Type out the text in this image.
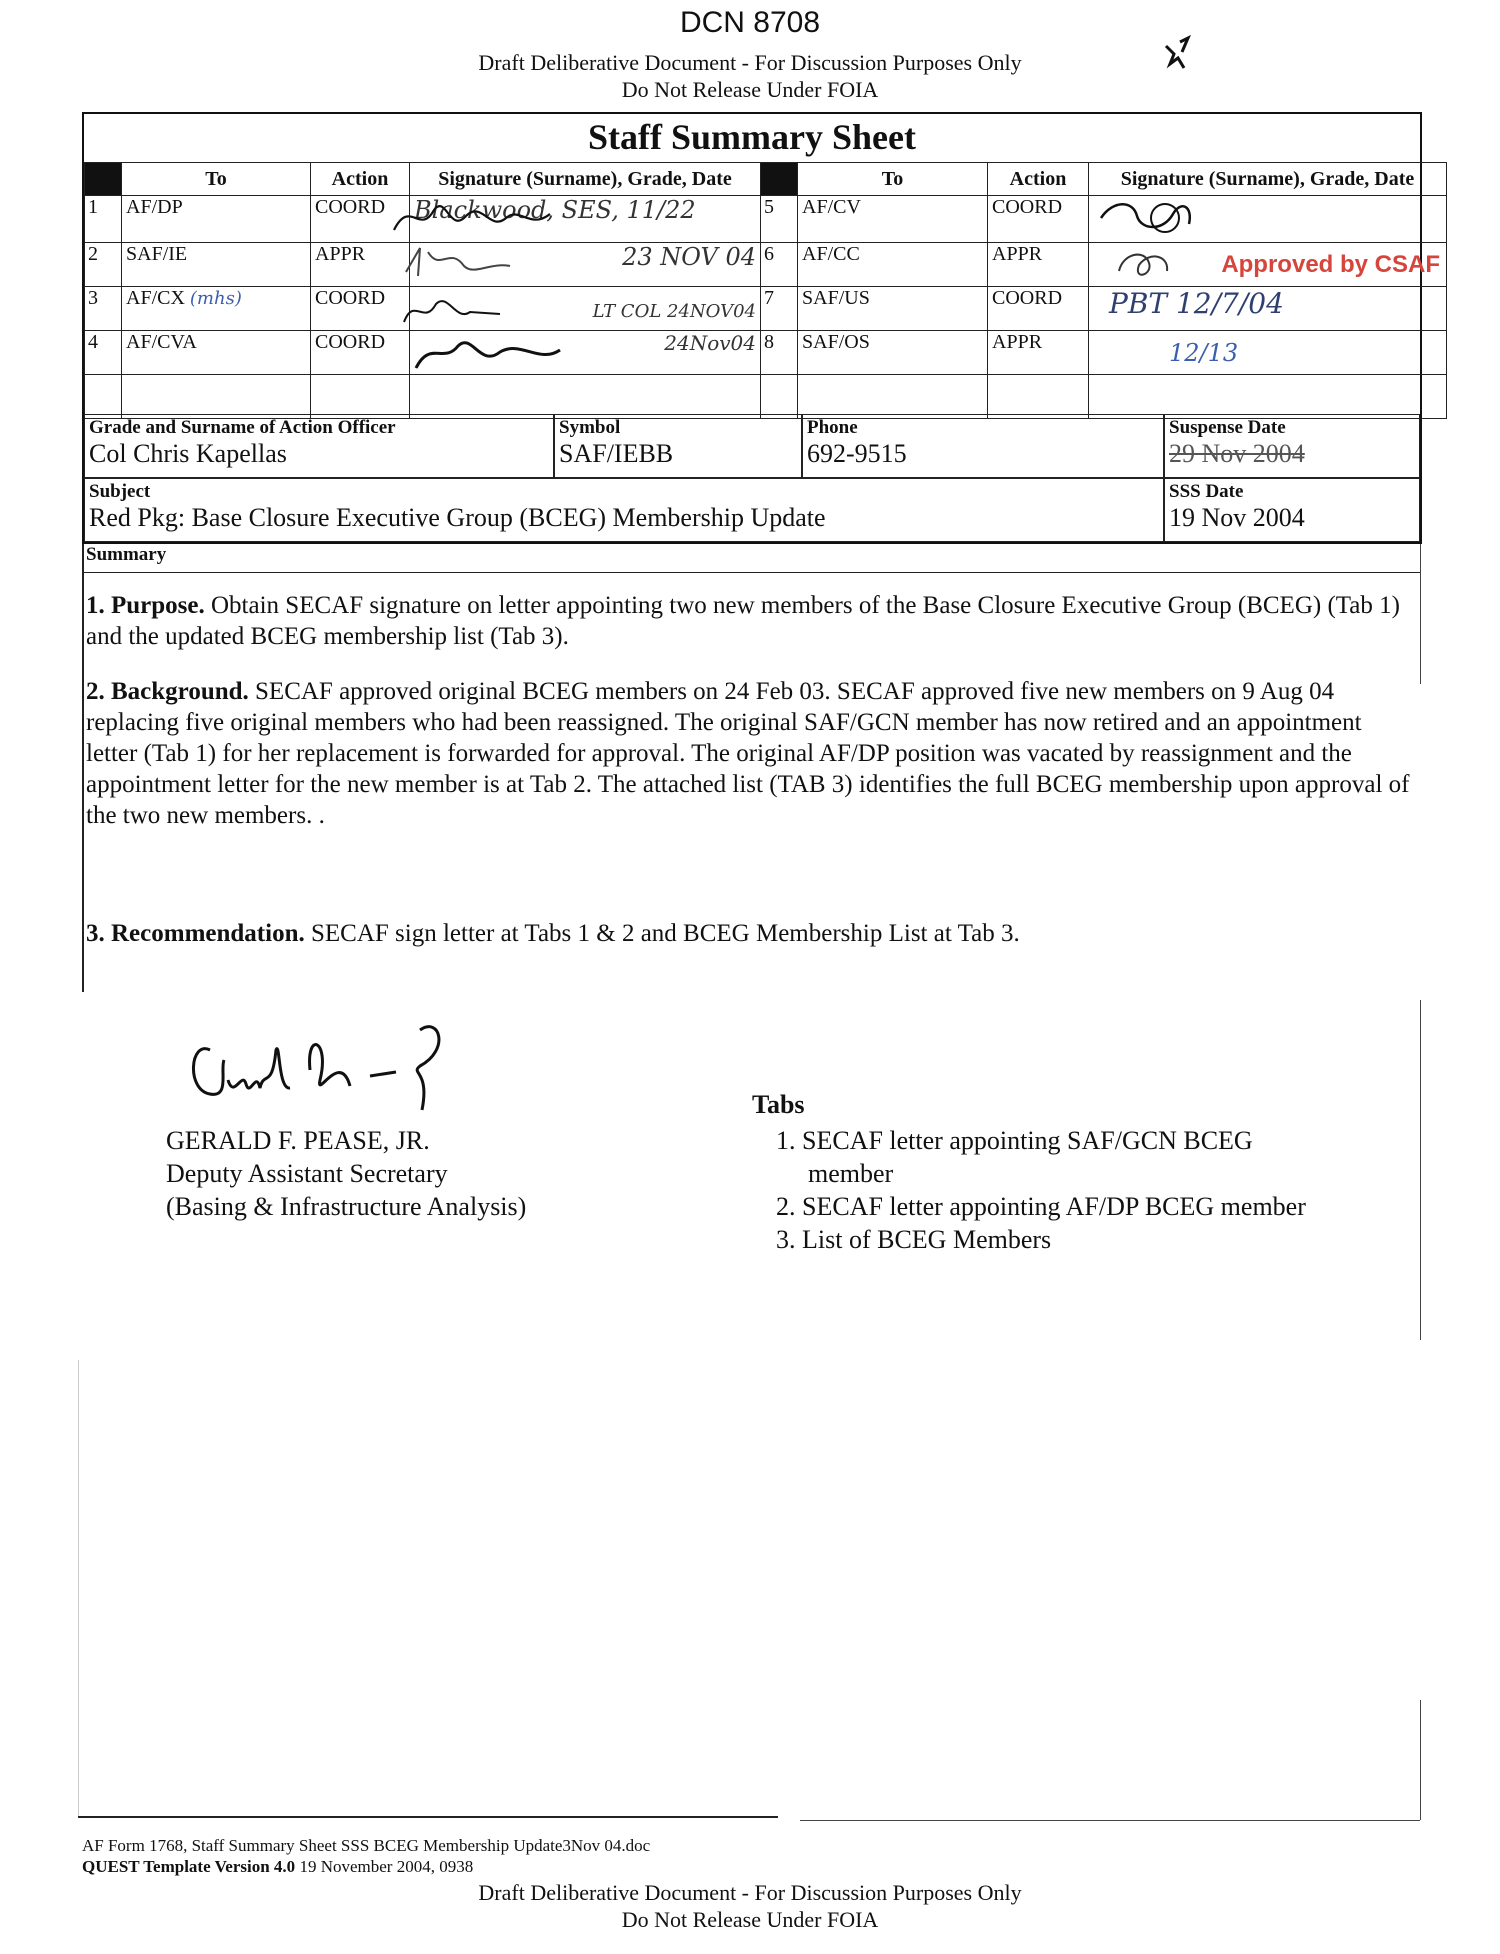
DCN 8708
Draft Deliberative Document - For Discussion Purposes Only
Do Not Release Under FOIA
Staff Summary Sheet
	To	Action	Signature (Surname), Grade, Date		To	Action	Signature (Surname), Grade, Date
1	AF/DP	COORD	Blackwood, SES, 11/22	5	AF/CV	COORD	
2	SAF/IE	APPR	23 NOV 04	6	AF/CC	APPR	Approved by CSAF

3	AF/CX (mhs)	COORD	LT COL 24NOV04	7	SAF/US	COORD	PBT 12/7/04
4	AF/CVA	COORD	24Nov04	8	SAF/OS	APPR	12/13

Grade and Surname of Action Officer
Col Chris Kapellas
Symbol
SAF/IEBB
Phone
692-9515
Suspense Date
29 Nov 2004
Subject
Red Pkg: Base Closure Executive Group (BCEG) Membership Update
SSS Date
19 Nov 2004
Summary
1. Purpose. Obtain SECAF signature on letter appointing two new members of the Base Closure Executive Group (BCEG) (Tab 1) and the updated BCEG membership list (Tab 3).
2. Background. SECAF approved original BCEG members on 24 Feb 03. SECAF approved five new members on 9 Aug 04 replacing five original members who had been reassigned. The original SAF/GCN member has now retired and an appointment letter (Tab 1) for her replacement is forwarded for approval. The original AF/DP position was vacated by reassignment and the appointment letter for the new member is at Tab 2. The attached list (TAB 3) identifies the full BCEG membership upon approval of the two new members. .
3. Recommendation. SECAF sign letter at Tabs 1 & 2 and BCEG Membership List at Tab 3.
GERALD F. PEASE, JR.
Deputy Assistant Secretary
(Basing & Infrastructure Analysis)
Tabs
1. SECAF letter appointing SAF/GCN BCEG
member
2. SECAF letter appointing AF/DP BCEG member
3. List of BCEG Members
AF Form 1768, Staff Summary Sheet SSS BCEG Membership Update3Nov 04.doc
QUEST Template Version 4.0 19 November 2004, 0938
Draft Deliberative Document - For Discussion Purposes Only
Do Not Release Under FOIA
